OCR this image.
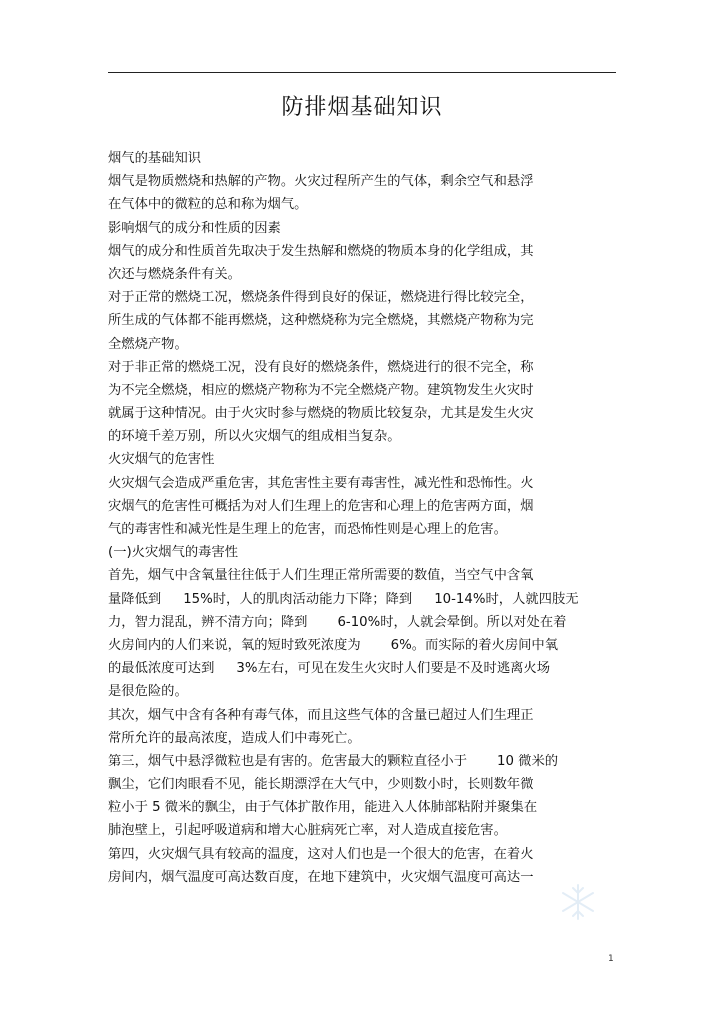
防排烟基础知识
烟气的基础知识
烟气是物质燃烧和热解的产物。火灾过程所产生的气体，剩余空气和悬浮
在气体中的微粒的总和称为烟气。
影响烟气的成分和性质的因素
烟气的成分和性质首先取决于发生热解和燃烧的物质本身的化学组成，其
次还与燃烧条件有关。
对于正常的燃烧工况，燃烧条件得到良好的保证，燃烧进行得比较完全，
所生成的气体都不能再燃烧，这种燃烧称为完全燃烧，其燃烧产物称为完
全燃烧产物。
对于非正常的燃烧工况，没有良好的燃烧条件，燃烧进行的很不完全，称
为不完全燃烧，相应的燃烧产物称为不完全燃烧产物。建筑物发生火灾时
就属于这种情况。由于火灾时参与燃烧的物质比较复杂，尤其是发生火灾
的环境千差万别，所以火灾烟气的组成相当复杂。
火灾烟气的危害性
火灾烟气会造成严重危害，其危害性主要有毒害性，减光性和恐怖性。火
灾烟气的危害性可概括为对人们生理上的危害和心理上的危害两方面，烟
气的毒害性和减光性是生理上的危害，而恐怖性则是心理上的危害。
(一)火灾烟气的毒害性
首先，烟气中含氧量往往低于人们生理正常所需要的数值，当空气中含氧
量降低到 15%时，人的肌肉活动能力下降；降到 10-14%时，人就四肢无
力，智力混乱，辨不清方向；降到 6-10%时，人就会晕倒。所以对处在着
火房间内的人们来说，氧的短时致死浓度为 6%。而实际的着火房间中氧
的最低浓度可达到 3%左右，可见在发生火灾时人们要是不及时逃离火场
是很危险的。
其次，烟气中含有各种有毒气体，而且这些气体的含量已超过人们生理正
常所允许的最高浓度，造成人们中毒死亡。
第三，烟气中悬浮微粒也是有害的。危害最大的颗粒直径小于 10 微米的
飘尘，它们肉眼看不见，能长期漂浮在大气中，少则数小时，长则数年微
粒小于 5 微米的飘尘，由于气体扩散作用，能进入人体肺部粘附并聚集在
肺泡壁上，引起呼吸道病和增大心脏病死亡率，对人造成直接危害。
第四，火灾烟气具有较高的温度，这对人们也是一个很大的危害，在着火
房间内，烟气温度可高达数百度，在地下建筑中，火灾烟气温度可高达一
1
